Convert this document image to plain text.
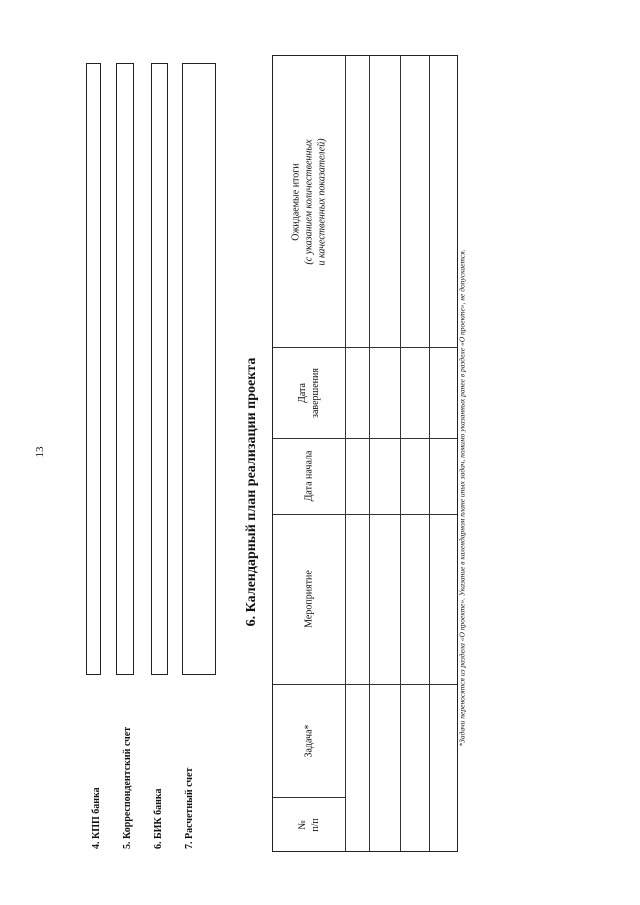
13
4. КПП банка 5. Корреспондентский счет 6. БИК банка 7. Расчетный счет
6. Календарный план реализации проекта
№ п/п
Задача*
Мероприятие
Дата начала
Дата завершения
Ожидаемые итоги (с указанием количественных и качественных показателей)
*Задачи переносятся из раздела «О проекте». Указание в календарном плане иных задач, помимо указанных ранее в разделе «О проекте», не допускается.
